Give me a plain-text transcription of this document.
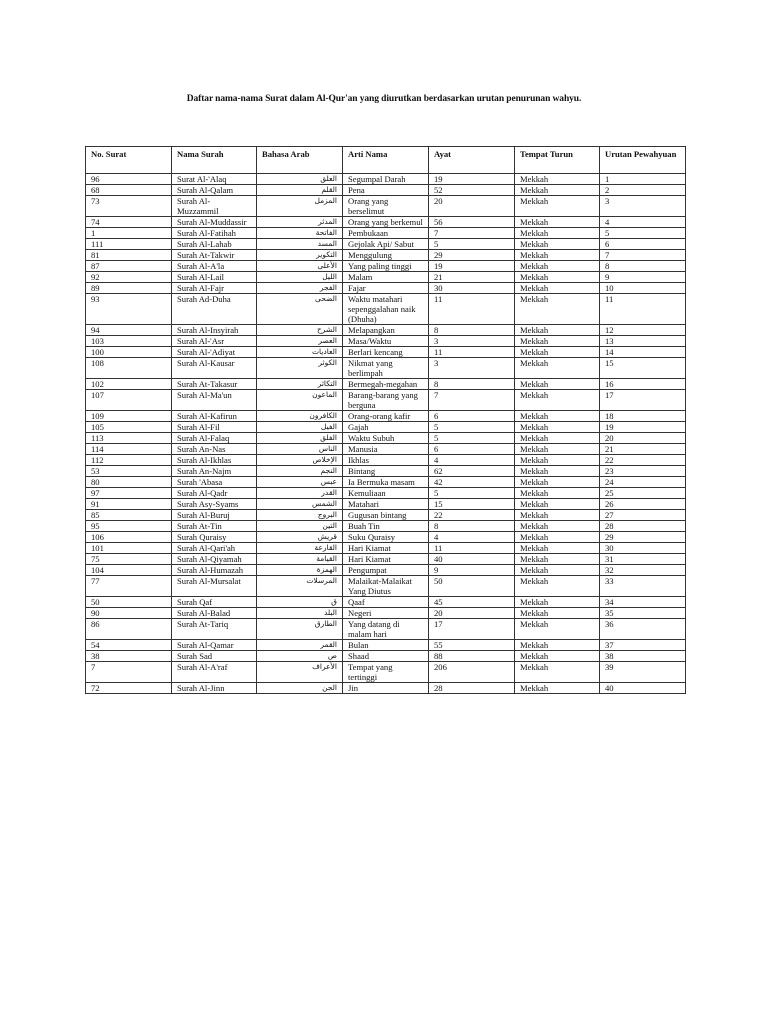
Daftar nama-nama Surat dalam Al-Qur'an yang diurutkan berdasarkan urutan penurunan wahyu.
No. Surat	Nama Surah	Bahasa Arab	Arti Nama	Ayat	Tempat Turun	Urutan Pewahyuan
96	Surat Al-'Alaq	العلق	Segumpal Darah	19	Mekkah	1
68	Surah Al-Qalam	القلم	Pena	52	Mekkah	2
73	Surah Al-Muzzammil	المزمل	Orang yang berselimut	20	Mekkah	3
74	Surah Al-Muddassir	المدثر	Orang yang berkemul	56	Mekkah	4
1	Surah Al-Fatihah	الفاتحة	Pembukaan	7	Mekkah	5
111	Surah Al-Lahab	المسد	Gejolak Api/ Sabut	5	Mekkah	6
81	Surah At-Takwir	التكوير	Menggulung	29	Mekkah	7
87	Surah Al-A'la	الأعلى	Yang paling tinggi	19	Mekkah	8
92	Surah Al-Lail	الليل	Malam	21	Mekkah	9
89	Surah Al-Fajr	الفجر	Fajar	30	Mekkah	10
93	Surah Ad-Duha	الضحى	Waktu matahari sepenggalahan naik (Dhuha)	11	Mekkah	11
94	Surah Al-Insyirah	الشرح	Melapangkan	8	Mekkah	12
103	Surah Al-'Asr	العصر	Masa/Waktu	3	Mekkah	13
100	Surah Al-'Adiyat	العاديات	Berlari kencang	11	Mekkah	14
108	Surah Al-Kausar	الكوثر	Nikmat yang berlimpah	3	Mekkah	15
102	Surah At-Takasur	التكاثر	Bermegah-megahan	8	Mekkah	16
107	Surah Al-Ma'un	الماعون	Barang-barang yang berguna	7	Mekkah	17
109	Surah Al-Kafirun	الكافرون	Orang-orang kafir	6	Mekkah	18
105	Surah Al-Fil	الفيل	Gajah	5	Mekkah	19
113	Surah Al-Falaq	الفلق	Waktu Subuh	5	Mekkah	20
114	Surah An-Nas	الناس	Manusia	6	Mekkah	21
112	Surah Al-Ikhlas	الإخلاص	Ikhlas	4	Mekkah	22
53	Surah An-Najm	النجم	Bintang	62	Mekkah	23
80	Surah 'Abasa	عبس	Ia Bermuka masam	42	Mekkah	24
97	Surah Al-Qadr	القدر	Kemuliaan	5	Mekkah	25
91	Surah Asy-Syams	الشمس	Matahari	15	Mekkah	26
85	Surah Al-Buruj	البروج	Gugusan bintang	22	Mekkah	27
95	Surah At-Tin	التين	Buah Tin	8	Mekkah	28
106	Surah Quraisy	قريش	Suku Quraisy	4	Mekkah	29
101	Surah Al-Qari'ah	القارعة	Hari Kiamat	11	Mekkah	30
75	Surah Al-Qiyamah	القيامة	Hari Kiamat	40	Mekkah	31
104	Surah Al-Humazah	الهمزة	Pengumpat	9	Mekkah	32
77	Surah Al-Mursalat	المرسلات	Malaikat-Malaikat Yang Diutus	50	Mekkah	33
50	Surah Qaf	ق	Qaaf	45	Mekkah	34
90	Surah Al-Balad	البلد	Negeri	20	Mekkah	35
86	Surah At-Tariq	الطارق	Yang datang di malam hari	17	Mekkah	36
54	Surah Al-Qamar	القمر	Bulan	55	Mekkah	37
38	Surah Sad	ص	Shaad	88	Mekkah	38
7	Surah Al-A'raf	الأعراف	Tempat yang tertinggi	206	Mekkah	39
72	Surah Al-Jinn	الجن	Jin	28	Mekkah	40
